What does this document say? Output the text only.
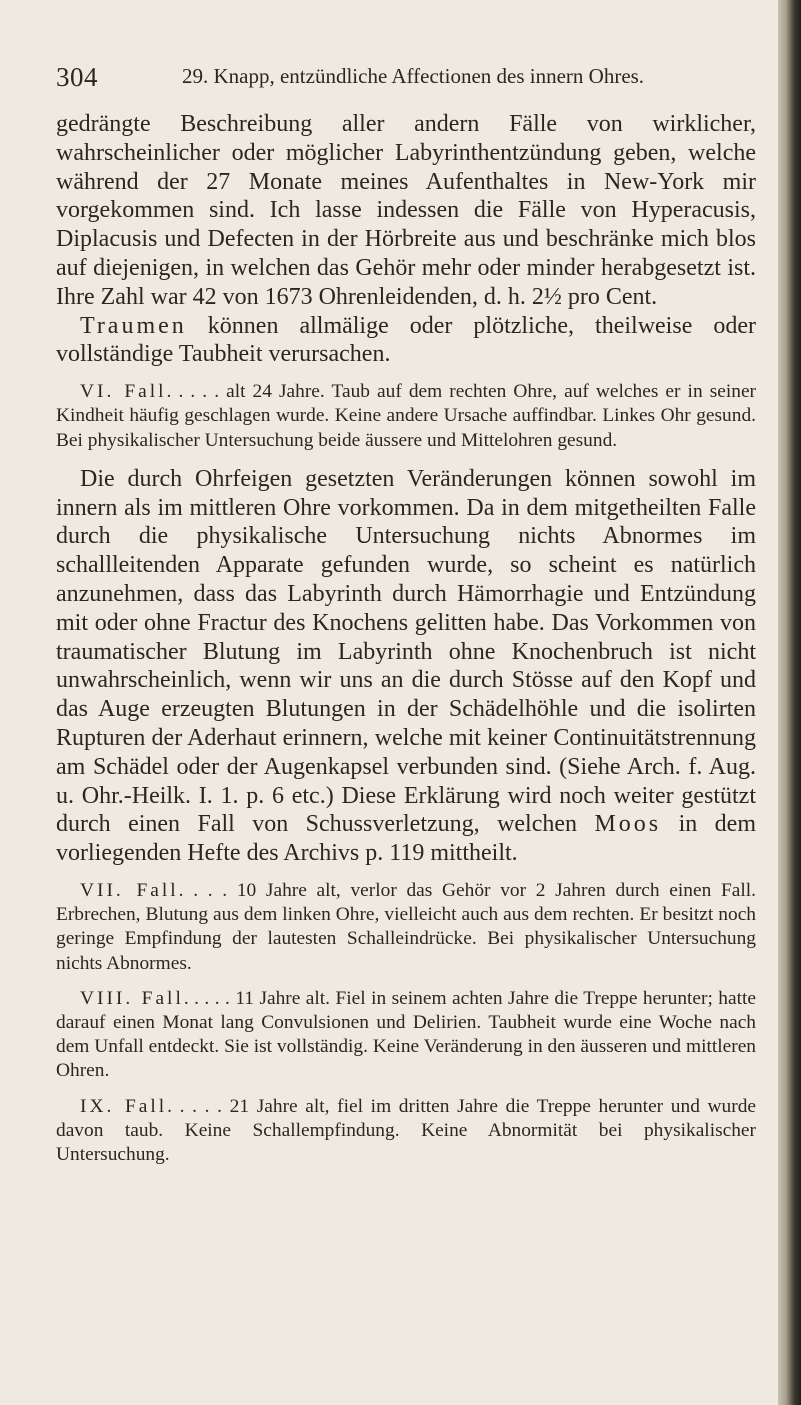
304	29. Knapp, entzündliche Affectionen des innern Ohres.

gedrängte Beschreibung aller andern Fälle von wirklicher, wahrscheinlicher oder möglicher Labyrinthentzündung geben, welche während der 27 Monate meines Aufenthaltes in New-York mir vorgekommen sind. Ich lasse indessen die Fälle von Hyperacusis, Diplacusis und Defecten in der Hörbreite aus und beschränke mich blos auf diejenigen, in welchen das Gehör mehr oder minder herabgesetzt ist. Ihre Zahl war 42 von 1673 Ohrenleidenden, d. h. 2½ pro Cent.

Traumen können allmälige oder plötzliche, theilweise oder vollständige Taubheit verursachen.

VI. Fall. . . . . alt 24 Jahre. Taub auf dem rechten Ohre, auf welches er in seiner Kindheit häufig geschlagen wurde. Keine andere Ursache auffindbar. Linkes Ohr gesund. Bei physikalischer Untersuchung beide äussere und Mittelohren gesund.

Die durch Ohrfeigen gesetzten Veränderungen können sowohl im innern als im mittleren Ohre vorkommen. Da in dem mitgetheilten Falle durch die physikalische Untersuchung nichts Abnormes im schallleitenden Apparate gefunden wurde, so scheint es natürlich anzunehmen, dass das Labyrinth durch Hämorrhagie und Entzündung mit oder ohne Fractur des Knochens gelitten habe. Das Vorkommen von traumatischer Blutung im Labyrinth ohne Knochenbruch ist nicht unwahrscheinlich, wenn wir uns an die durch Stösse auf den Kopf und das Auge erzeugten Blutungen in der Schädelhöhle und die isolirten Rupturen der Aderhaut erinnern, welche mit keiner Continuitätstrennung am Schädel oder der Augenkapsel verbunden sind. (Siehe Arch. f. Aug. u. Ohr.-Heilk. I. 1. p. 6 etc.) Diese Erklärung wird noch weiter gestützt durch einen Fall von Schussverletzung, welchen Moos in dem vorliegenden Hefte des Archivs p. 119 mittheilt.

VII. Fall. . . . 10 Jahre alt, verlor das Gehör vor 2 Jahren durch einen Fall. Erbrechen, Blutung aus dem linken Ohre, vielleicht auch aus dem rechten. Er besitzt noch geringe Empfindung der lautesten Schalleindrücke. Bei physikalischer Untersuchung nichts Abnormes.

VIII. Fall. . . . . 11 Jahre alt. Fiel in seinem achten Jahre die Treppe herunter; hatte darauf einen Monat lang Convulsionen und Delirien. Taubheit wurde eine Woche nach dem Unfall entdeckt. Sie ist vollständig. Keine Veränderung in den äusseren und mittleren Ohren.

IX. Fall. . . . . 21 Jahre alt, fiel im dritten Jahre die Treppe herunter und wurde davon taub. Keine Schallempfindung. Keine Abnormität bei physikalischer Untersuchung.
